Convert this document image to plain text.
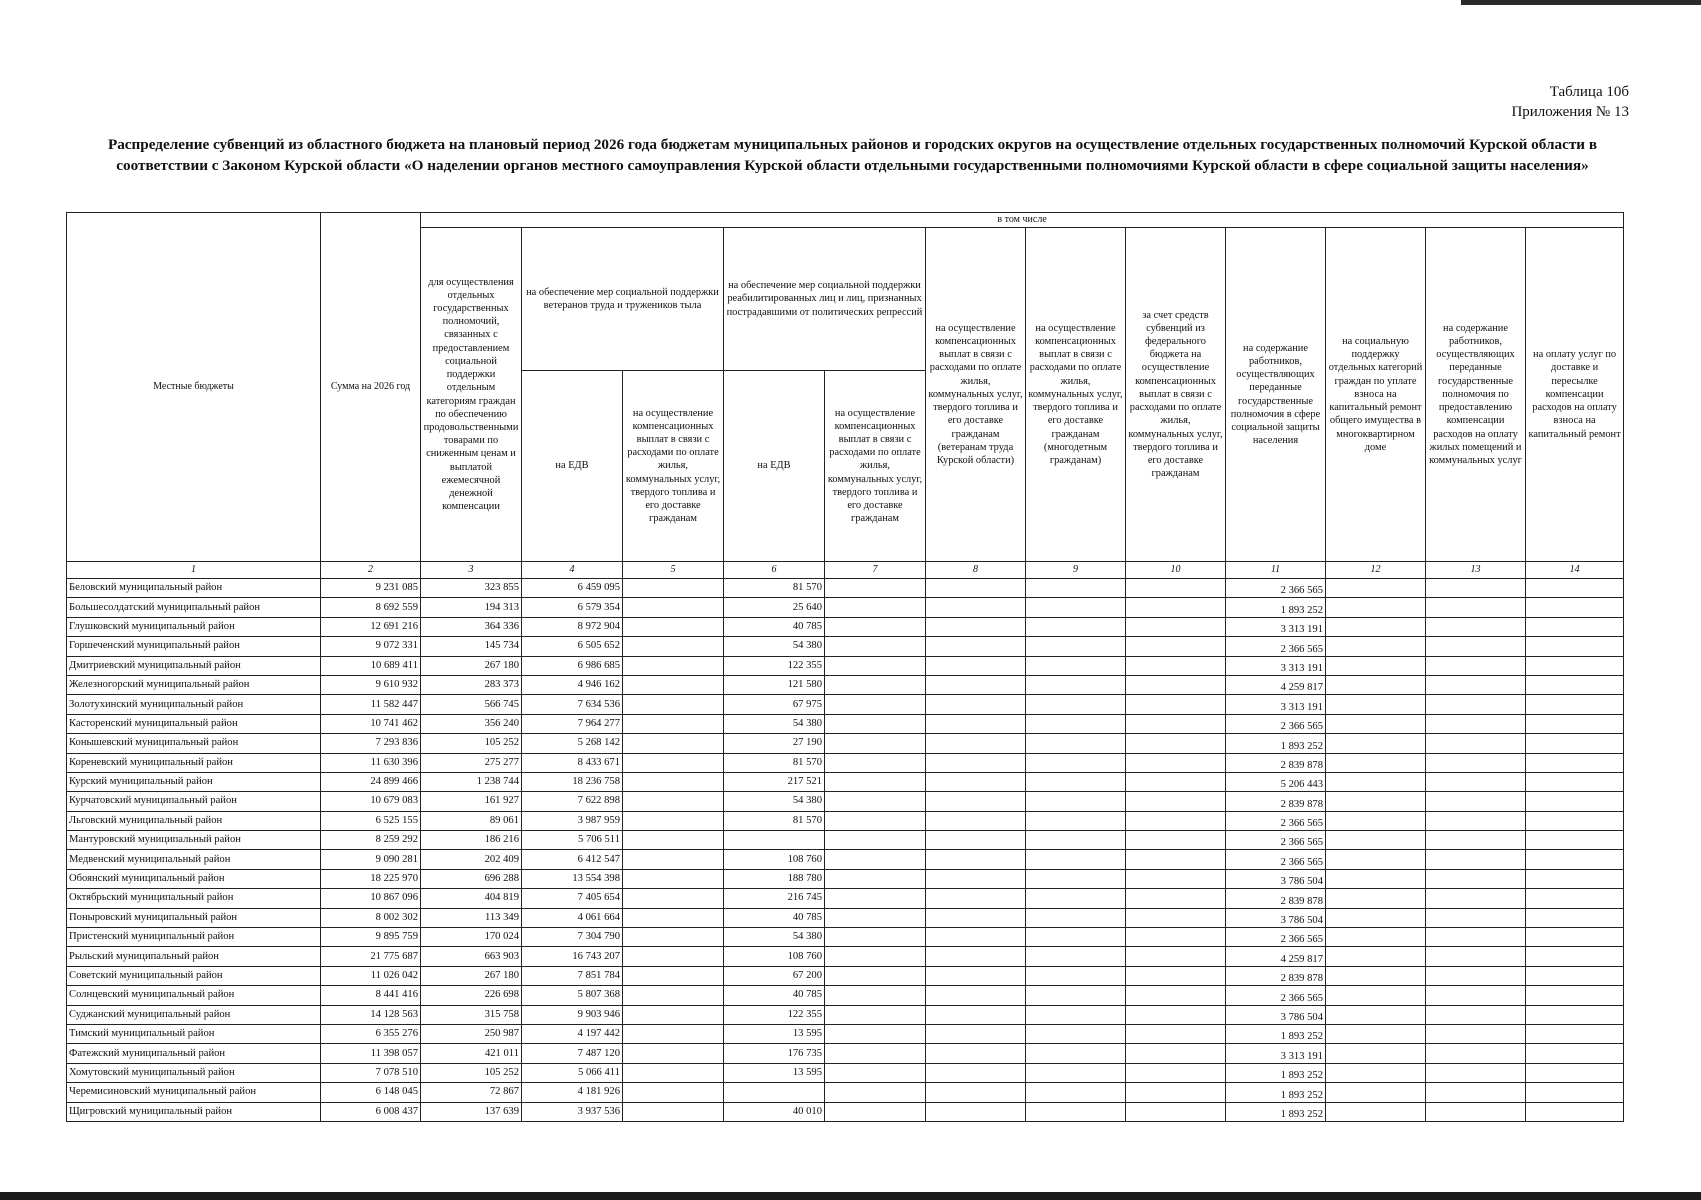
Таблица 10б
Приложения № 13
Распределение субвенций из областного бюджета на плановый период 2026 года бюджетам муниципальных районов и городских округов на осуществление отдельных государственных полномочий Курской области в соответствии с Законом Курской области «О наделении органов местного самоуправления Курской области отдельными государственными полномочиями Курской области в сфере социальной защиты населения»
Местные бюджеты	Сумма на 2026 год	в том числе											
		для осуществления отдельных государственных полномочий, связанных с предоставлением социальной поддержки отдельным категориям граждан по обеспечению продовольственными товарами по сниженным ценам и выплатой ежемесячной денежной компенсации	на обеспечение мер социальной поддержки ветеранов труда и тружеников тыла		на обеспечение мер социальной поддержки реабилитированных лиц и лиц, признанных пострадавшими от политических репрессий		на осуществление компенсационных выплат в связи с расходами по оплате жилья, коммунальных услуг, твердого топлива и его доставке гражданам (ветеранам труда Курской области)	на осуществление компенсационных выплат в связи с расходами по оплате жилья, коммунальных услуг, твердого топлива и его доставке гражданам (многодетным гражданам)	за счет средств субвенций из федерального бюджета на осуществление компенсационных выплат в связи с расходами по оплате жилья, коммунальных услуг, твердого топлива и его доставке гражданам	на содержание работников, осуществляющих переданные государственные полномочия в сфере социальной защиты населения	на социальную поддержку отдельных категорий граждан по уплате взноса на капитальный ремонт общего имущества в многоквартирном доме	на содержание работников, осуществляющих переданные государственные полномочия по предоставлению компенсации расходов на оплату жилых помещений и коммунальных услуг	на оплату услуг по доставке и пересылке компенсации расходов на оплату взноса на капитальный ремонт
			на ЕДВ	на осуществление компенсационных выплат в связи с расходами по оплате жилья, коммунальных услуг, твердого топлива и его доставке гражданам	на ЕДВ	на осуществление компенсационных выплат в связи с расходами по оплате жилья, коммунальных услуг, твердого топлива и его доставке гражданам							
1	2	3	4	5	6	7	8	9	10	11	12	13	14
Беловский муниципальный район	9 231 085	323 855	6 459 095		81 570					2 366 565			
Большесолдатский муниципальный район	8 692 559	194 313	6 579 354		25 640					1 893 252			
Глушковский муниципальный район	12 691 216	364 336	8 972 904		40 785					3 313 191			
Горшеченский муниципальный район	9 072 331	145 734	6 505 652		54 380					2 366 565			
Дмитриевский муниципальный район	10 689 411	267 180	6 986 685		122 355					3 313 191			
Железногорский муниципальный район	9 610 932	283 373	4 946 162		121 580					4 259 817			
Золотухинский муниципальный район	11 582 447	566 745	7 634 536		67 975					3 313 191			
Касторенский муниципальный район	10 741 462	356 240	7 964 277		54 380					2 366 565			
Конышевский муниципальный район	7 293 836	105 252	5 268 142		27 190					1 893 252			
Кореневский муниципальный район	11 630 396	275 277	8 433 671		81 570					2 839 878			
Курский муниципальный район	24 899 466	1 238 744	18 236 758		217 521					5 206 443			
Курчатовский муниципальный район	10 679 083	161 927	7 622 898		54 380					2 839 878			
Льговский муниципальный район	6 525 155	89 061	3 987 959		81 570					2 366 565			
Мантуровский муниципальный район	8 259 292	186 216	5 706 511							2 366 565			
Медвенский муниципальный район	9 090 281	202 409	6 412 547		108 760					2 366 565			
Обоянский муниципальный район	18 225 970	696 288	13 554 398		188 780					3 786 504			
Октябрьский муниципальный район	10 867 096	404 819	7 405 654		216 745					2 839 878			
Поныровский муниципальный район	8 002 302	113 349	4 061 664		40 785					3 786 504			
Пристенский муниципальный район	9 895 759	170 024	7 304 790		54 380					2 366 565			
Рыльский муниципальный район	21 775 687	663 903	16 743 207		108 760					4 259 817			
Советский муниципальный район	11 026 042	267 180	7 851 784		67 200					2 839 878			
Солнцевский муниципальный район	8 441 416	226 698	5 807 368		40 785					2 366 565			
Суджанский муниципальный район	14 128 563	315 758	9 903 946		122 355					3 786 504			
Тимский муниципальный район	6 355 276	250 987	4 197 442		13 595					1 893 252			
Фатежский муниципальный район	11 398 057	421 011	7 487 120		176 735					3 313 191			
Хомутовский муниципальный район	7 078 510	105 252	5 066 411		13 595					1 893 252			
Черемисиновский муниципальный район	6 148 045	72 867	4 181 926							1 893 252			
Щигровский муниципальный район	6 008 437	137 639	3 937 536		40 010					1 893 252			
